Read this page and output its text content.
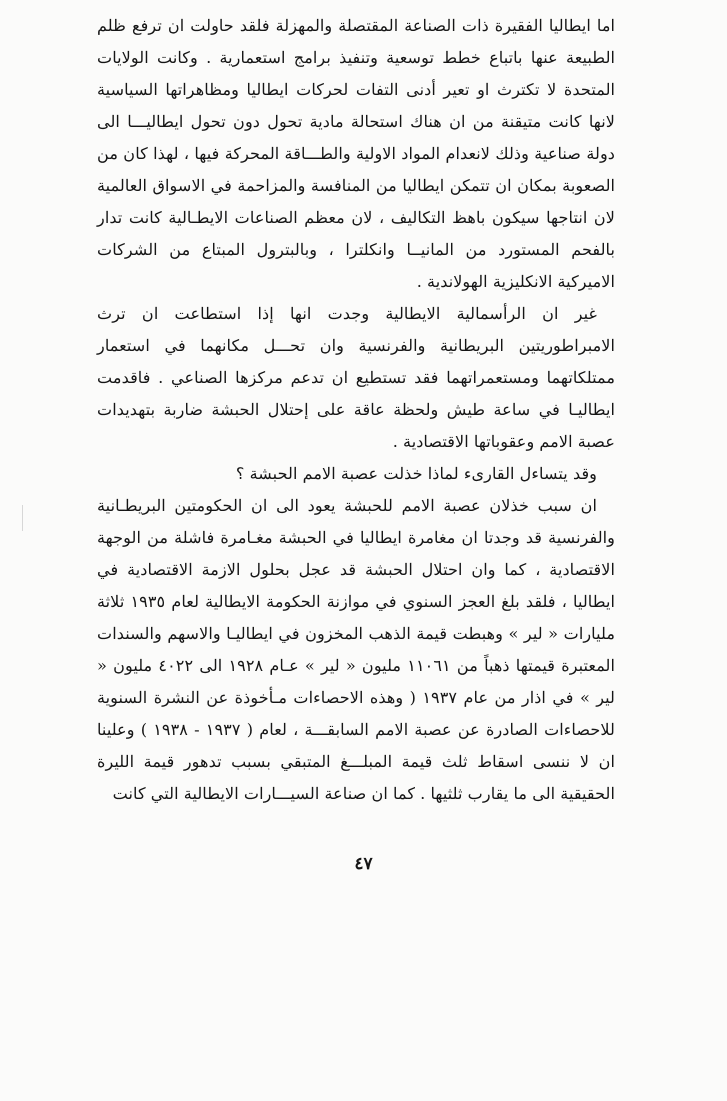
اما ايطاليا الفقيرة ذات الصناعة المقتصلة والمهزلة فلقد حاولت ان ترفع ظلم الطبيعة عنها باتباع خطط توسعية وتنفيذ برامج استعمارية . وكانت الولايات المتحدة لا تكترث او تعير أدنى التفات لحركات ايطاليا ومظاهراتها السياسية لانها كانت متيقنة من ان هناك استحالة مادية تحول دون تحول ايطاليـــا الى دولة صناعية وذلك لانعدام المواد الاولية والطـــاقة المحركة فيها ، لهذا كان من الصعوبة بمكان ان تتمكن ايطاليا من المنافسة والمزاحمة في الاسواق العالمية لان انتاجها سيكون باهظ التكاليف ، لان معظم الصناعات الايطـالية كانت تدار بالفحم المستورد من المانيــا وانكلترا ، وبالبترول المبتاع من الشركات الاميركية الانكليزية الهولاندية .

غير ان الرأسمالية الايطالية وجدت انها إذا استطاعت ان ترث الامبراطوريتين البريطانية والفرنسية وان تحـــل مكانهما في استعمار ممتلكاتهما ومستعمراتهما فقد تستطيع ان تدعم مركزها الصناعي . فاقدمت ايطاليـا في ساعة طيش ولحظة عاقة على إحتلال الحبشة ضاربة بتهديدات عصبة الامم وعقوباتها الاقتصادية .

وقد يتساءل القارىء لماذا خذلت عصبة الامم الحبشة ؟

ان سبب خذلان عصبة الامم للحبشة يعود الى ان الحكومتين البريطـانية والفرنسية قد وجدتا ان مغامرة ايطاليا في الحبشة مغـامرة فاشلة من الوجهة الاقتصادية ، كما وان احتلال الحبشة قد عجل بحلول الازمة الاقتصادية في ايطاليا ، فلقد بلغ العجز السنوي في موازنة الحكومة الايطالية لعام ١٩٣٥ ثلاثة مليارات « لير » وهبطت قيمة الذهب المخزون في ايطاليـا والاسهم والسندات المعتبرة قيمتها ذهباً من ١١٠٦١ مليون « لير » عـام ١٩٢٨ الى ٤٠٢٢ مليون « لير » في اذار من عام ١٩٣٧ ( وهذه الاحصاءات مـأخوذة عن النشرة السنوية للاحصاءات الصادرة عن عصبة الامم السابقـــة ، لعام ( ١٩٣٧ - ١٩٣٨ ) وعلينا ان لا ننسى اسقاط ثلث قيمة المبلـــغ المتبقي بسبب تدهور قيمة الليرة الحقيقية الى ما يقارب ثلثيها . كما ان صناعة السيـــارات الايطالية التي كانت

٤٧
